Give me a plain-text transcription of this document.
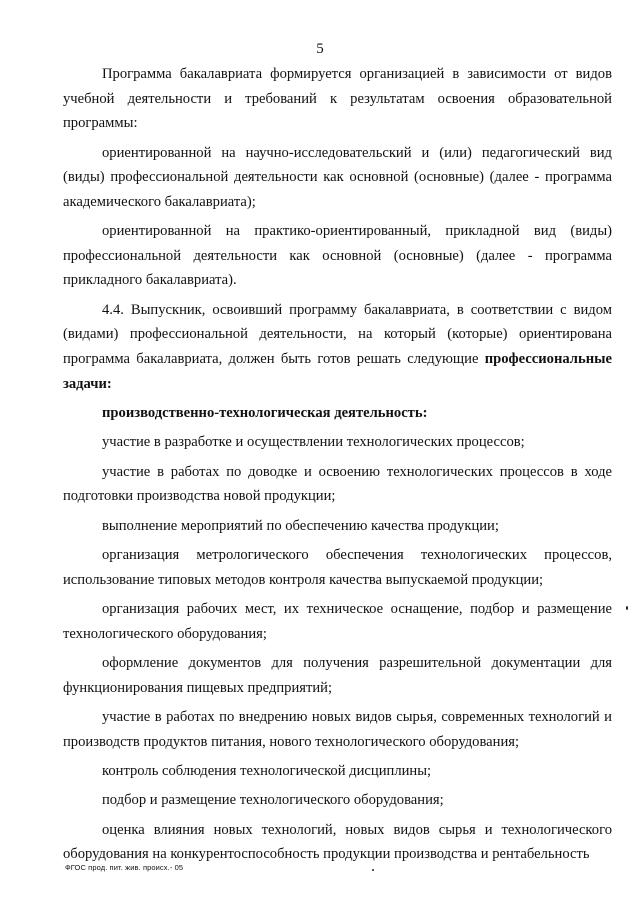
5

Программа бакалавриата формируется организацией в зависимости от видов учебной деятельности и требований к результатам освоения образовательной программы:

ориентированной на научно-исследовательский и (или) педагогический вид (виды) профессиональной деятельности как основной (основные) (далее - программа академического бакалавриата);

ориентированной на практико-ориентированный, прикладной вид (виды) профессиональной деятельности как основной (основные) (далее - программа прикладного бакалавриата).

4.4. Выпускник, освоивший программу бакалавриата, в соответствии с видом (видами) профессиональной деятельности, на который (которые) ориентирована программа бакалавриата, должен быть готов решать следующие профессиональные задачи:

производственно-технологическая деятельность:

участие в разработке и осуществлении технологических процессов;

участие в работах по доводке и освоению технологических процессов в ходе подготовки производства новой продукции;

выполнение мероприятий по обеспечению качества продукции;

организация метрологического обеспечения технологических процессов, использование типовых методов контроля качества выпускаемой продукции;

организация рабочих мест, их техническое оснащение, подбор и размещение технологического оборудования;

оформление документов для получения разрешительной документации для функционирования пищевых предприятий;

участие в работах по внедрению новых видов сырья, современных технологий и производств продуктов питания, нового технологического оборудования;

контроль соблюдения технологической дисциплины;

подбор и размещение технологического оборудования;

оценка влияния новых технологий, новых видов сырья и технологического оборудования на конкурентоспособность продукции производства и рентабельность

ФГОС прод. пит. жив. происх.- 05
